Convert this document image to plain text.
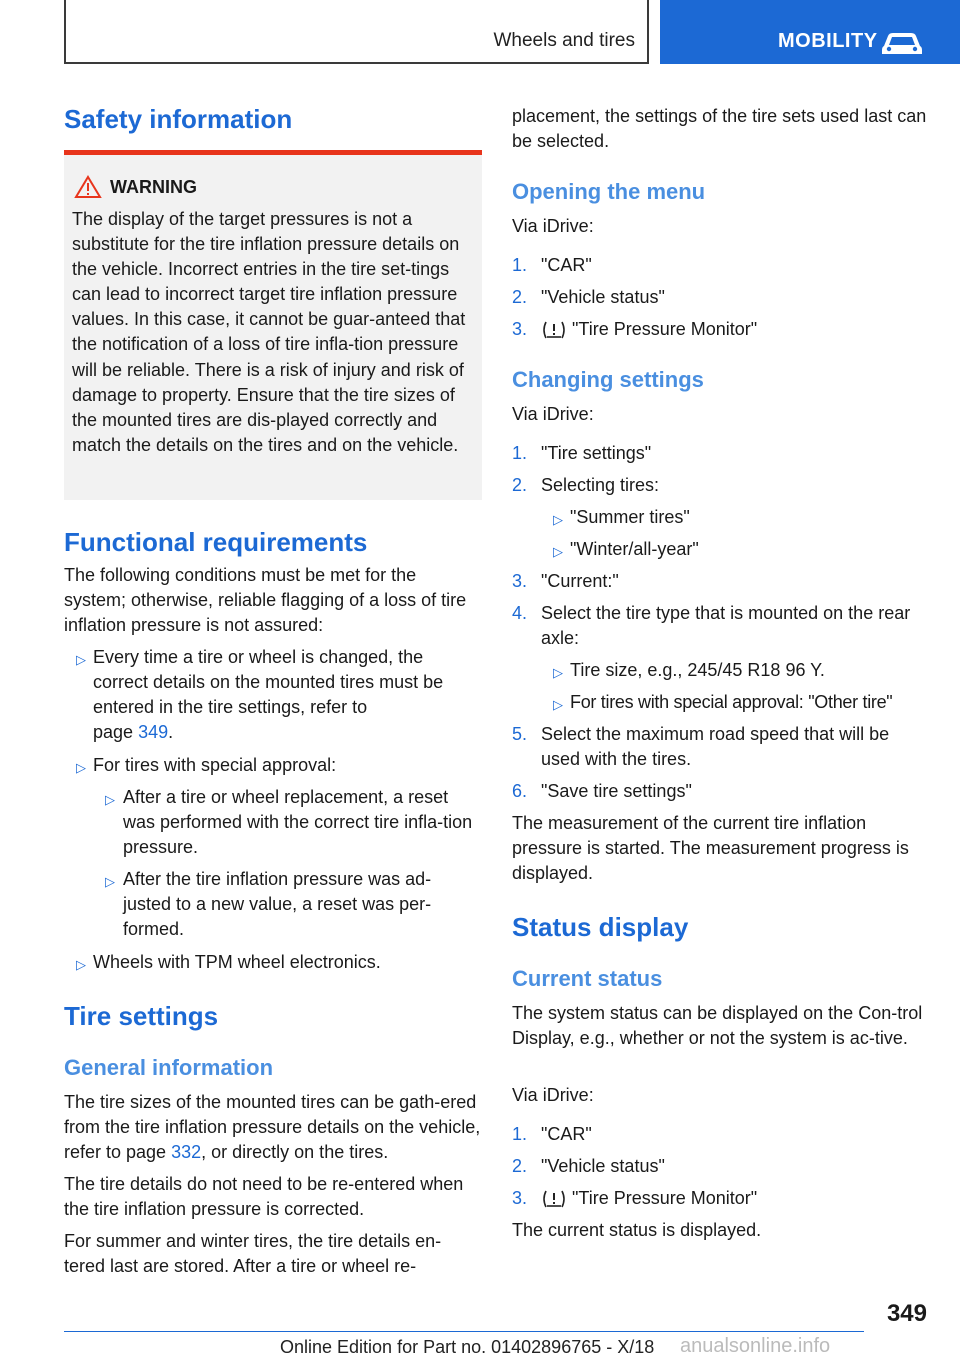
Wheels and tires	MOBILITY
Safety information
WARNING
The display of the target pressures is not a substitute for the tire inflation pressure details on the vehicle. Incorrect entries in the tire set-tings can lead to incorrect target tire inflation pressure values. In this case, it cannot be guar-anteed that the notification of a loss of tire infla-tion pressure will be reliable. There is a risk of injury and risk of damage to property. Ensure that the tire sizes of the mounted tires are dis-played correctly and match the details on the tires and on the vehicle.
Functional requirements
The following conditions must be met for the system; otherwise, reliable flagging of a loss of tire inflation pressure is not assured:
▷ Every time a tire or wheel is changed, the correct details on the mounted tires must be entered in the tire settings, refer to
page 349.
▷ For tires with special approval:
▷ After a tire or wheel replacement, a reset was performed with the correct tire infla-tion pressure.
▷ After the tire inflation pressure was ad-justed to a new value, a reset was per-formed.
▷ Wheels with TPM wheel electronics.
Tire settings
General information
The tire sizes of the mounted tires can be gath-ered from the tire inflation pressure details on the vehicle, refer to page 332, or directly on the tires.
The tire details do not need to be re-entered when the tire inflation pressure is corrected.
For summer and winter tires, the tire details en-tered last are stored. After a tire or wheel re-
placement, the settings of the tire sets used last can be selected.
Opening the menu
Via iDrive:
1. "CAR"
2. "Vehicle status"
3.	"Tire Pressure Monitor"
Changing settings
Via iDrive:
1. "Tire settings"
2. Selecting tires:
▷ "Summer tires"
▷ "Winter/all-year"
3. "Current:"
4. Select the tire type that is mounted on the rear axle:
▷ Tire size, e.g., 245/45 R18 96 Y.
▷ For tires with special approval: "Other tire"
5. Select the maximum road speed that will be used with the tires.
6. "Save tire settings"
The measurement of the current tire inflation pressure is started. The measurement progress is displayed.
Status display
Current status
The system status can be displayed on the Con-trol Display, e.g., whether or not the system is ac-tive.
Via iDrive:
1. "CAR"
2. "Vehicle status"
3.	"Tire Pressure Monitor"
The current status is displayed.
349
Online Edition for Part no. 01402896765 - X/18 anualsonline.info
